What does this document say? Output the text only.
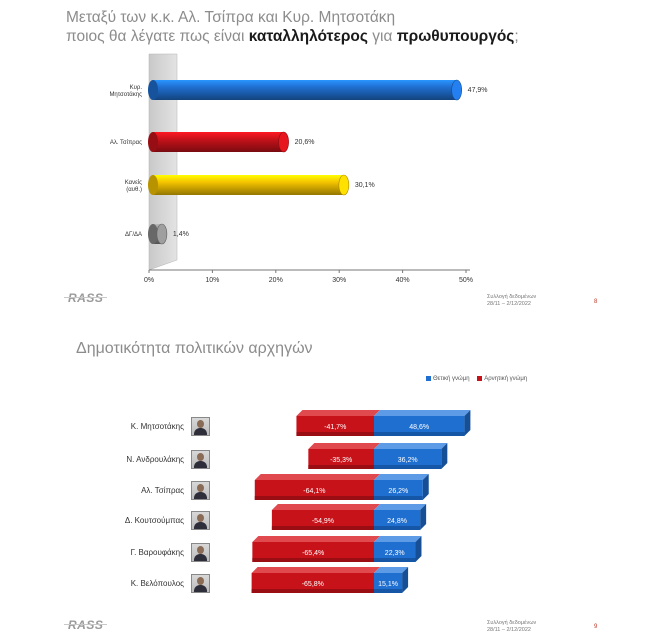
Μεταξύ των κ.κ. Αλ. Τσίπρα και Κυρ. Μητσοτάκη
ποιος θα λέγατε πως είναι καταλληλότερος για πρωθυπουργός;
0%	10%	20%	30%	40%	50%
Κυρ. Μητσοτάκης
47,9%
Αλ. Τσίπρας	20,6%
Κανείς (αυθ.)
30,1%
ΔΓ/ΔΑ	1,4%
RASS	Συλλογή δεδομένων
28/11 – 2/12/2022	8
Δημοτικότητα πολιτικών αρχηγών
Θετική γνώμη Αρνητική γνώμη
Κ. Μητσοτάκης
Ν. Ανδρουλάκης
Αλ. Τσίπρας
Δ. Κουτσούμπας
Γ. Βαρουφάκης
Κ. Βελόπουλος
-41,7%	48,6%
-35,3%	36,2%
-64,1%	26,2%
-54,9%	24,8%
-65,4%	22,3%
-65,8%	15,1%
RASS	Συλλογή δεδομένων
28/11 – 2/12/2022	9
